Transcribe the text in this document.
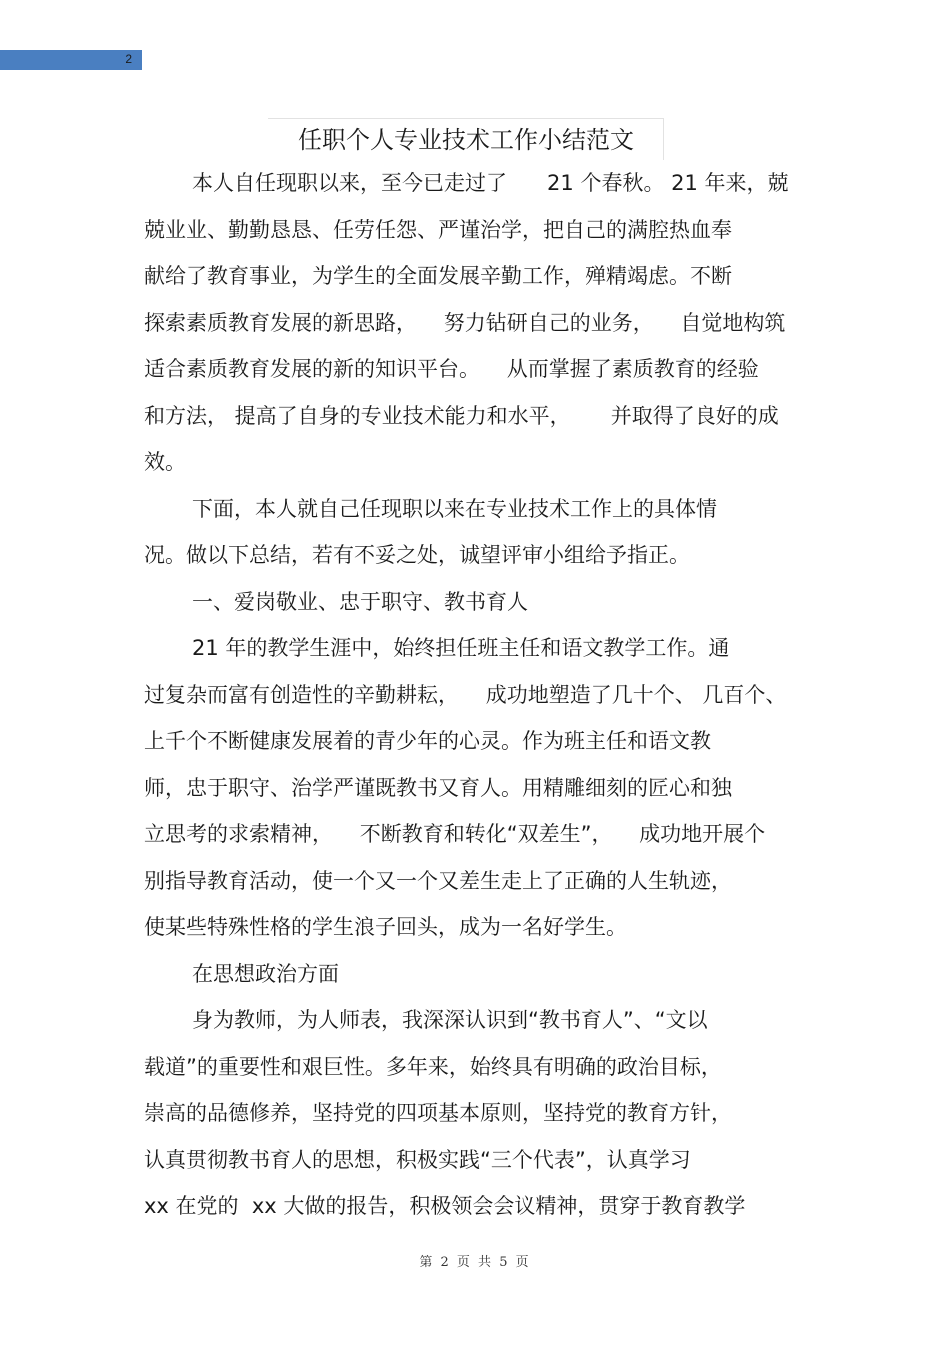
2
任职个人专业技术工作小结范文
本人自任现职以来，至今已走过了      21 个春秋。 21 年来，兢
兢业业、勤勤恳恳、任劳任怨、严谨治学，把自己的满腔热血奉
献给了教育事业，为学生的全面发展辛勤工作，殚精竭虑。不断
探索素质教育发展的新思路，    努力钻研自己的业务，    自觉地构筑
适合素质教育发展的新的知识平台。    从而掌握了素质教育的经验
和方法， 提高了自身的专业技术能力和水平，      并取得了良好的成
效。
下面，本人就自己任现职以来在专业技术工作上的具体情
况。做以下总结，若有不妥之处，诚望评审小组给予指正。
一、爱岗敬业、忠于职守、教书育人
21 年的教学生涯中，始终担任班主任和语文教学工作。通
过复杂而富有创造性的辛勤耕耘，    成功地塑造了几十个、 几百个、
上千个不断健康发展着的青少年的心灵。作为班主任和语文教
师，忠于职守、治学严谨既教书又育人。用精雕细刻的匠心和独
立思考的求索精神，    不断教育和转化“双差生”，    成功地开展个
别指导教育活动，使一个又一个又差生走上了正确的人生轨迹，
使某些特殊性格的学生浪子回头，成为一名好学生。
在思想政治方面
身为教师，为人师表，我深深认识到“教书育人”、“文以
载道”的重要性和艰巨性。多年来，始终具有明确的政治目标，
崇高的品德修养，坚持党的四项基本原则，坚持党的教育方针，
认真贯彻教书育人的思想，积极实践“三个代表”，认真学习
xx 在党的  xx 大做的报告，积极领会会议精神，贯穿于教育教学
第 2 页 共 5 页
